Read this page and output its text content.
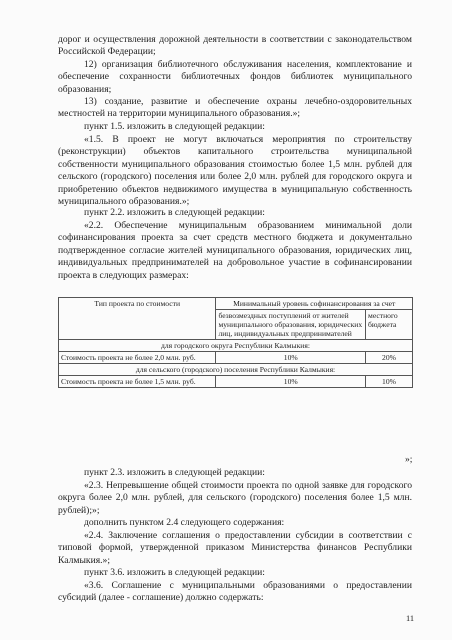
дорог и осуществления дорожной деятельности в соответствии с законодательством Российской Федерации;

12) организация библиотечного обслуживания населения, комплектование и обеспечение сохранности библиотечных фондов библиотек муниципального образования;

13) создание, развитие и обеспечение охраны лечебно-оздоровительных местностей на территории муниципального образования.»;

пункт 1.5. изложить в следующей редакции:

«1.5. В проект не могут включаться мероприятия по строительству (реконструкции) объектов капитального строительства муниципальной собственности муниципального образования стоимостью более 1,5 млн. рублей для сельского (городского) поселения или более 2,0 млн. рублей для городского округа и приобретению объектов недвижимого имущества в муниципальную собственность муниципального образования.»;

пункт 2.2. изложить в следующей редакции:

«2.2. Обеспечение муниципальным образованием минимальной доли софинансирования проекта за счет средств местного бюджета и документально подтвержденное согласие жителей муниципального образования, юридических лиц, индивидуальных предпринимателей на добровольное участие в софинансировании проекта в следующих размерах:

Тип проекта по стоимости	Минимальный уровень софинансирования за счет	
	безвозмездных поступлений от жителей муниципального образования, юридических лиц, индивидуальных предпринимателей	местного бюджета
для городского округа Республики Калмыкия:		
Стоимость проекта не более 2,0 млн. руб.	10%	20%
для сельского (городского) поселения Республики Калмыкия:		
Стоимость проекта не более 1,5 млн. руб.	10%	10%
»;

пункт 2.3. изложить в следующей редакции:

«2.3. Непревышение общей стоимости проекта по одной заявке для городского округа более 2,0 млн. рублей, для сельского (городского) поселения более 1,5 млн. рублей);»;

дополнить пунктом 2.4 следующего содержания:

«2.4. Заключение соглашения о предоставлении субсидии в соответствии с типовой формой, утвержденной приказом Министерства финансов Республики Калмыкия.»;

пункт 3.6. изложить в следующей редакции:

«3.6. Соглашение с муниципальными образованиями о предоставлении субсидий (далее - соглашение) должно содержать:

11
